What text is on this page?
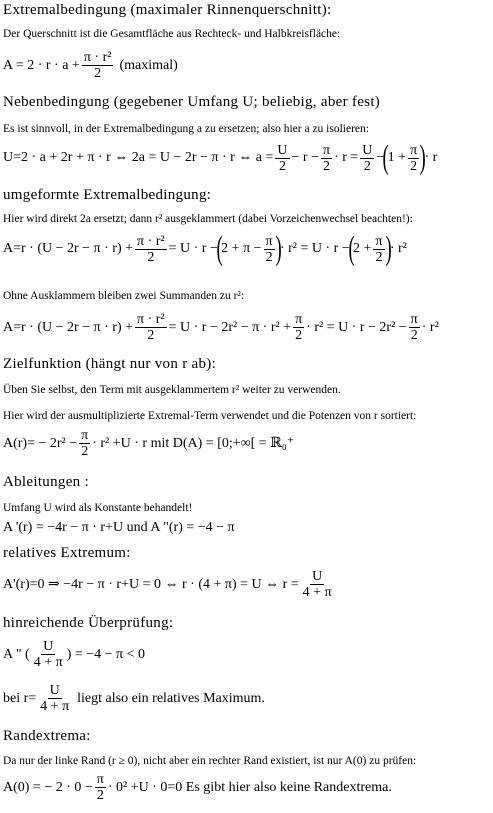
Extremalbedingung (maximaler Rinnenquerschnitt):
Der Querschnitt ist die Gesamtfläche aus Rechteck- und Halbkreisfläche:
$A = 2 \cdot r \cdot a + \frac{\text{π · r²}}{2}$ (maximal)
Nebenbedingung (gegebener Umfang U; beliebig, aber fest)
Es ist sinnvoll, in der Extremalbedingung a zu ersetzen; also hier a zu isolieren:
U=2 · a + 2r + π · r ⇔ 2a = U − 2r − π · r ⇔ $a = \frac{U}{2} - r - \frac{\pi}{2} \cdot r = \frac{U}{2}$ −
(
$1 + \frac{\pi}{2}$ )
· r
umgeformte Extremalbedingung:
Hier wird direkt 2a ersetzt; dann r² ausgeklammert (dabei Vorzeichenwechsel beachten!):
$A=r \cdot (U - 2r - \pi \cdot r) + \frac{\text{π · r²}}{2} = U \cdot r$ −
(
$2 + \pi - \frac{\pi}{2}$ )
· r² = U · r −
(
$2 + \frac{\pi}{2}$ )
· r²
Ohne Ausklammern bleiben zwei Summanden zu r²:
$A=r \cdot (U - 2r - \pi \cdot r) + \frac{\text{π · r²}}{2} = U \cdot r - 2r^2 - \pi \cdot r^2 + \frac{\pi}{2} \cdot r^2 = U \cdot r - 2r^2 - \frac{\pi}{2} \cdot r^2$
Zielfunktion (hängt nur von r ab):
Üben Sie selbst, den Term mit ausgeklammertem r² weiter zu verwenden.
Hier wird der ausmultiplizierte Extremal-Term verwendet und die Potenzen von r sortiert:
$A(r)= - 2r^2 - \frac{\pi}{2} \cdot r^2 +U \cdot r$ mit D(A) = [0;+∞[ = ℝ₀⁺
Ableitungen :
Umfang U wird als Konstante behandelt!
A '(r) = −4r − π · r+U und A "(r) = −4 − π
relatives Extremum:
A'(r)=0 ⇒ −4r − π · r+U = 0 ⇔ r · (4 + π) = U ⇔ $r = \frac{U}{4 + \pi}$
hinreichende Überprüfung:
A " ( $\frac{U}{4 + \pi}$ ) = −4 − π < 0
bei $r= \frac{U}{4 + \pi}$ liegt also ein relatives Maximum.
Randextrema:
Da nur der linke Rand (r ≥ 0), nicht aber ein rechter Rand existiert, ist nur A(0) zu prüfen:
A(0) = − $2 \cdot 0 - \frac{\pi}{2} \cdot 0^2 +U \cdot 0=0$ Es gibt hier also keine Randextrema.
